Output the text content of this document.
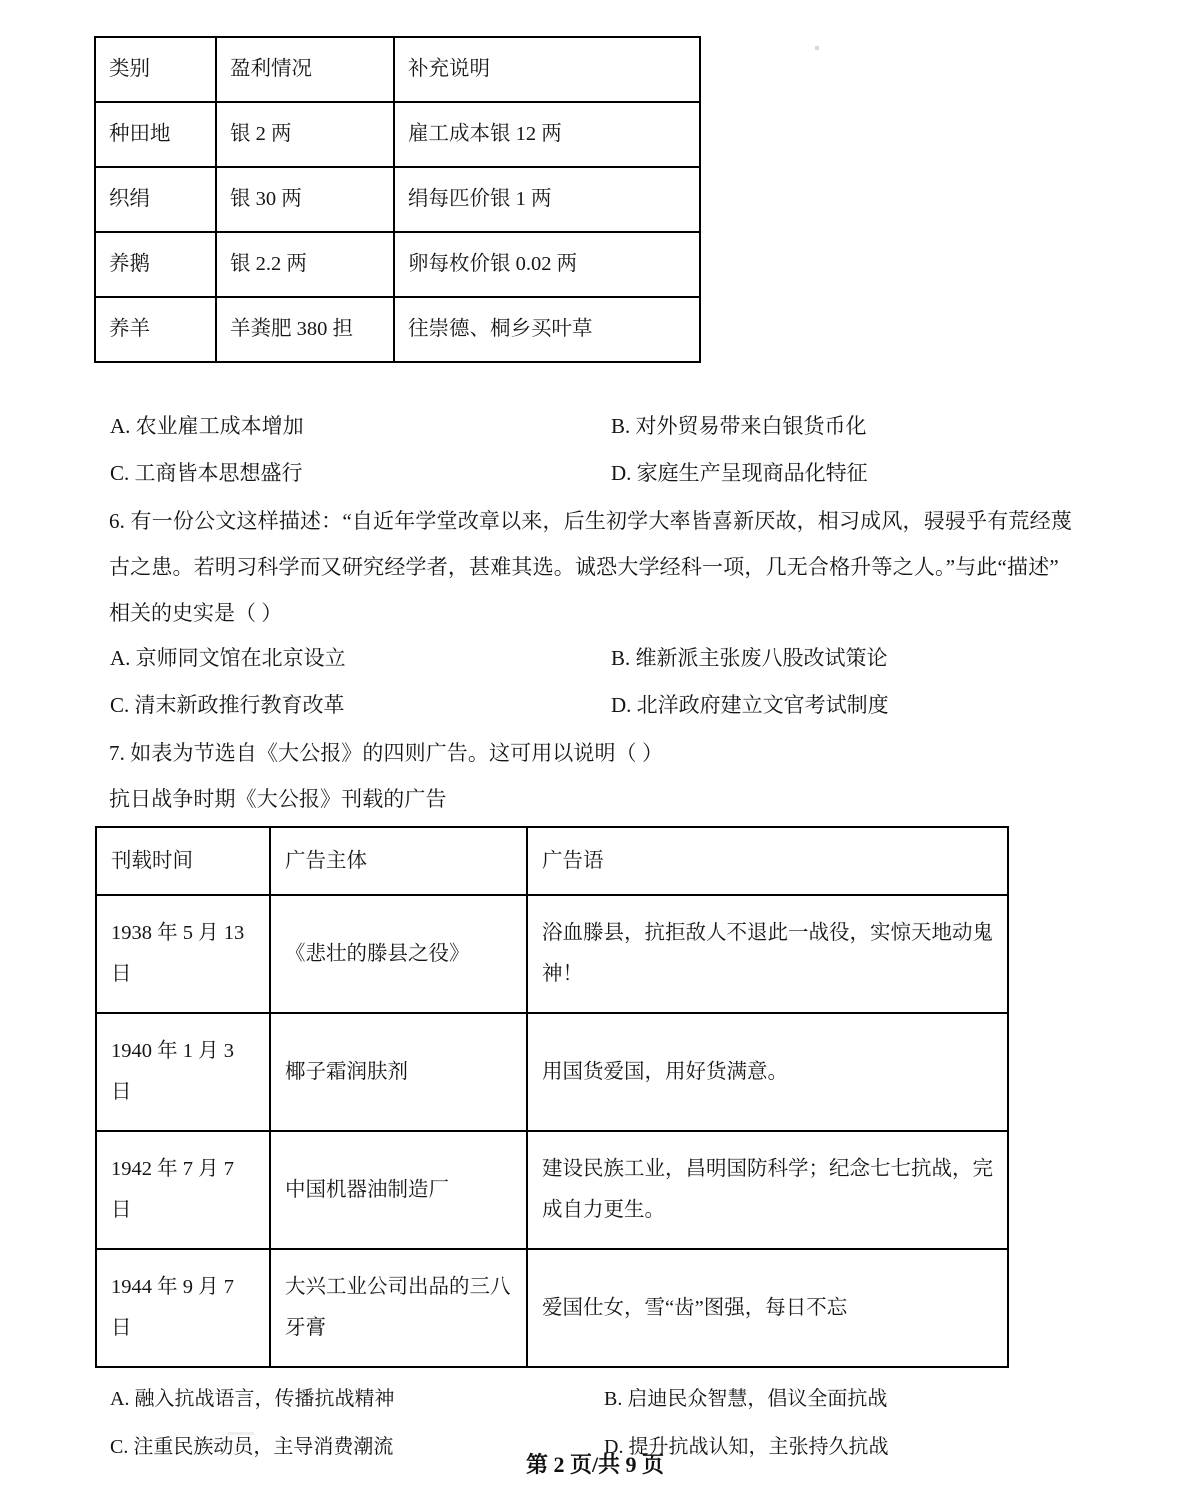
类别	盈利情况	补充说明
种田地	银 2 两	雇工成本银 12 两
织绢	银 30 两	绢每匹价银 1 两
养鹅	银 2.2 两	卵每枚价银 0.02 两
养羊	羊粪肥 380 担	往崇德、桐乡买叶草
A. 农业雇工成本增加	B. 对外贸易带来白银货币化
C. 工商皆本思想盛行	D. 家庭生产呈现商品化特征
6. 有一份公文这样描述：“自近年学堂改章以来，后生初学大率皆喜新厌故，相习成风，骎骎乎有荒经蔑
古之患。若明习科学而又研究经学者，甚难其选。诚恐大学经科一项，几无合格升等之人。”与此“描述”
相关的史实是（ ）
A. 京师同文馆在北京设立	B. 维新派主张废八股改试策论
C. 清末新政推行教育改革	D. 北洋政府建立文官考试制度
7. 如表为节选自《大公报》的四则广告。这可用以说明（ ）
抗日战争时期《大公报》刊载的广告
刊载时间	广告主体	广告语
1938 年 5 月 13 日	《悲壮的滕县之役》	浴血滕县，抗拒敌人不退此一战役，实惊天地动鬼神！
1940 年 1 月 3 日	椰子霜润肤剂	用国货爱国，用好货满意。
1942 年 7 月 7 日	中国机器油制造厂	建设民族工业，昌明国防科学；纪念七七抗战，完成自力更生。
1944 年 9 月 7 日	大兴工业公司出品的三八牙膏	爱国仕女，雪“齿”图强，每日不忘
A. 融入抗战语言，传播抗战精神	B. 启迪民众智慧，倡议全面抗战
C. 注重民族动员，主导消费潮流	D. 提升抗战认知，主张持久抗战
第 2 页/共 9 页
